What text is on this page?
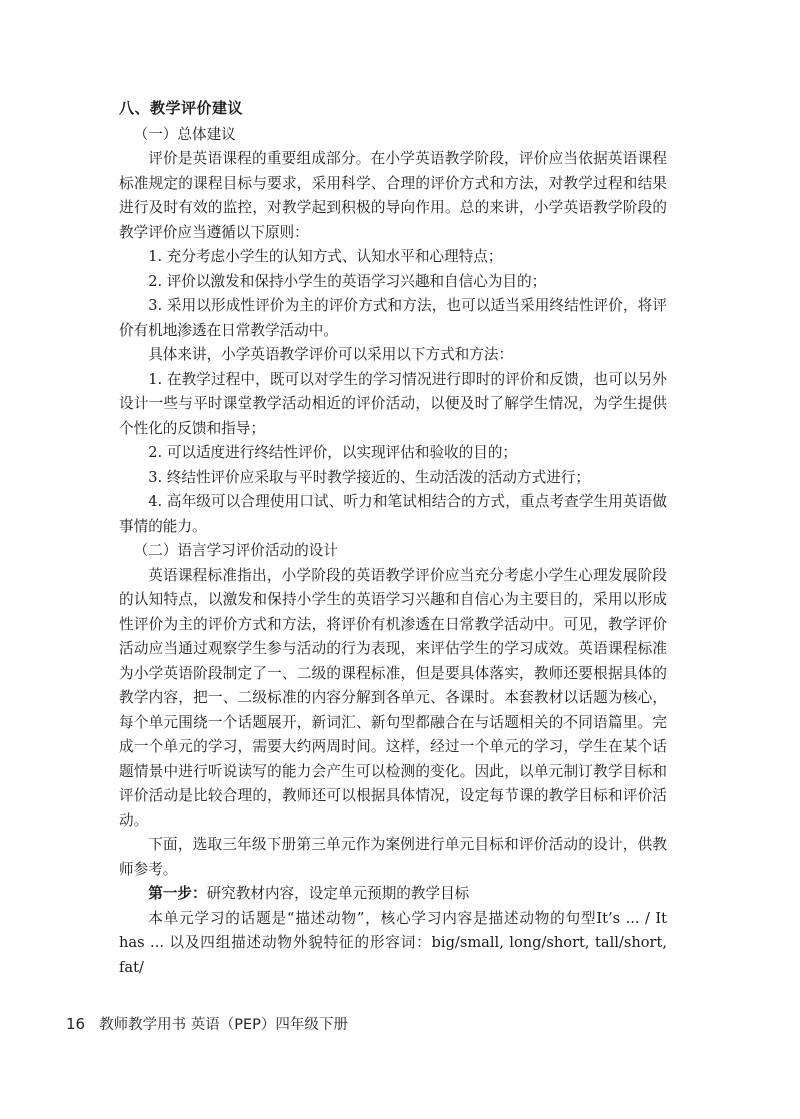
八、教学评价建议
（一）总体建议

评价是英语课程的重要组成部分。在小学英语教学阶段，评价应当依据英语课程标准规定的课程目标与要求，采用科学、合理的评价方式和方法，对教学过程和结果进行及时有效的监控，对教学起到积极的导向作用。总的来讲，小学英语教学阶段的教学评价应当遵循以下原则：

1. 充分考虑小学生的认知方式、认知水平和心理特点；

2. 评价以激发和保持小学生的英语学习兴趣和自信心为目的；

3. 采用以形成性评价为主的评价方式和方法，也可以适当采用终结性评价，将评价有机地渗透在日常教学活动中。

具体来讲，小学英语教学评价可以采用以下方式和方法：

1. 在教学过程中，既可以对学生的学习情况进行即时的评价和反馈，也可以另外设计一些与平时课堂教学活动相近的评价活动，以便及时了解学生情况，为学生提供个性化的反馈和指导；

2. 可以适度进行终结性评价，以实现评估和验收的目的；

3. 终结性评价应采取与平时教学接近的、生动活泼的活动方式进行；

4. 高年级可以合理使用口试、听力和笔试相结合的方式，重点考查学生用英语做事情的能力。

（二）语言学习评价活动的设计

英语课程标准指出，小学阶段的英语教学评价应当充分考虑小学生心理发展阶段的认知特点，以激发和保持小学生的英语学习兴趣和自信心为主要目的，采用以形成性评价为主的评价方式和方法，将评价有机渗透在日常教学活动中。可见，教学评价活动应当通过观察学生参与活动的行为表现，来评估学生的学习成效。英语课程标准为小学英语阶段制定了一、二级的课程标准，但是要具体落实，教师还要根据具体的教学内容，把一、二级标准的内容分解到各单元、各课时。本套教材以话题为核心，每个单元围绕一个话题展开，新词汇、新句型都融合在与话题相关的不同语篇里。完成一个单元的学习，需要大约两周时间。这样，经过一个单元的学习，学生在某个话题情景中进行听说读写的能力会产生可以检测的变化。因此，以单元制订教学目标和评价活动是比较合理的，教师还可以根据具体情况，设定每节课的教学目标和评价活动。

下面，选取三年级下册第三单元作为案例进行单元目标和评价活动的设计，供教师参考。

第一步：研究教材内容，设定单元预期的教学目标

本单元学习的话题是“描述动物”，核心学习内容是描述动物的句型It’s ... / It has ... 以及四组描述动物外貌特征的形容词：big/small, long/short, tall/short, fat/

16 教师教学用书 英语（PEP）四年级下册
